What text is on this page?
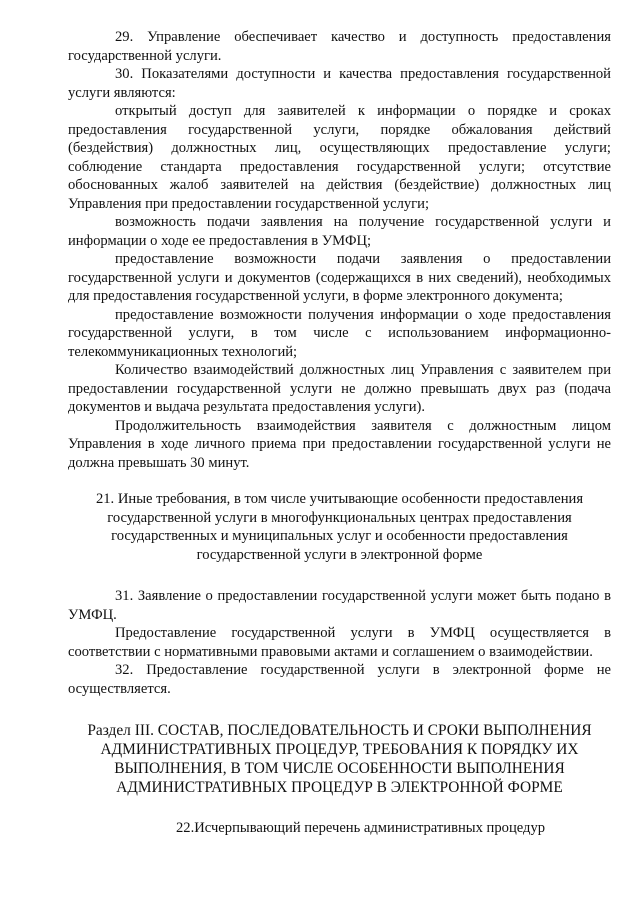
29. Управление обеспечивает качество и доступность предоставления государственной услуги.

30. Показателями доступности и качества предоставления государственной услуги являются:

открытый доступ для заявителей к информации о порядке и сроках предоставления государственной услуги, порядке обжалования действий (бездействия) должностных лиц, осуществляющих предоставление услуги; соблюдение стандарта предоставления государственной услуги; отсутствие обоснованных жалоб заявителей на действия (бездействие) должностных лиц Управления при предоставлении государственной услуги;

возможность подачи заявления на получение государственной услуги и информации о ходе ее предоставления в УМФЦ;

предоставление возможности подачи заявления о предоставлении государственной услуги и документов (содержащихся в них сведений), необходимых для предоставления государственной услуги, в форме электронного документа;

предоставление возможности получения информации о ходе предоставления государственной услуги, в том числе с использованием информационно-телекоммуникационных технологий;

Количество взаимодействий должностных лиц Управления с заявителем при предоставлении государственной услуги не должно превышать двух раз (подача документов и выдача результата предоставления услуги).

Продолжительность взаимодействия заявителя с должностным лицом Управления в ходе личного приема при предоставлении государственной услуги не должна превышать 30 минут.

21. Иные требования, в том числе учитывающие особенности предоставления государственной услуги в многофункциональных центрах предоставления государственных и муниципальных услуг и особенности предоставления государственной услуги в электронной форме

31. Заявление о предоставлении государственной услуги может быть подано в УМФЦ.

Предоставление государственной услуги в УМФЦ осуществляется в соответствии с нормативными правовыми актами и соглашением о взаимодействии.

32. Предоставление государственной услуги в электронной форме не осуществляется.

Раздел III. СОСТАВ, ПОСЛЕДОВАТЕЛЬНОСТЬ И СРОКИ ВЫПОЛНЕНИЯ АДМИНИСТРАТИВНЫХ ПРОЦЕДУР, ТРЕБОВАНИЯ К ПОРЯДКУ ИХ ВЫПОЛНЕНИЯ, В ТОМ ЧИСЛЕ ОСОБЕННОСТИ ВЫПОЛНЕНИЯ АДМИНИСТРАТИВНЫХ ПРОЦЕДУР В ЭЛЕКТРОННОЙ ФОРМЕ

22.Исчерпывающий перечень административных процедур
